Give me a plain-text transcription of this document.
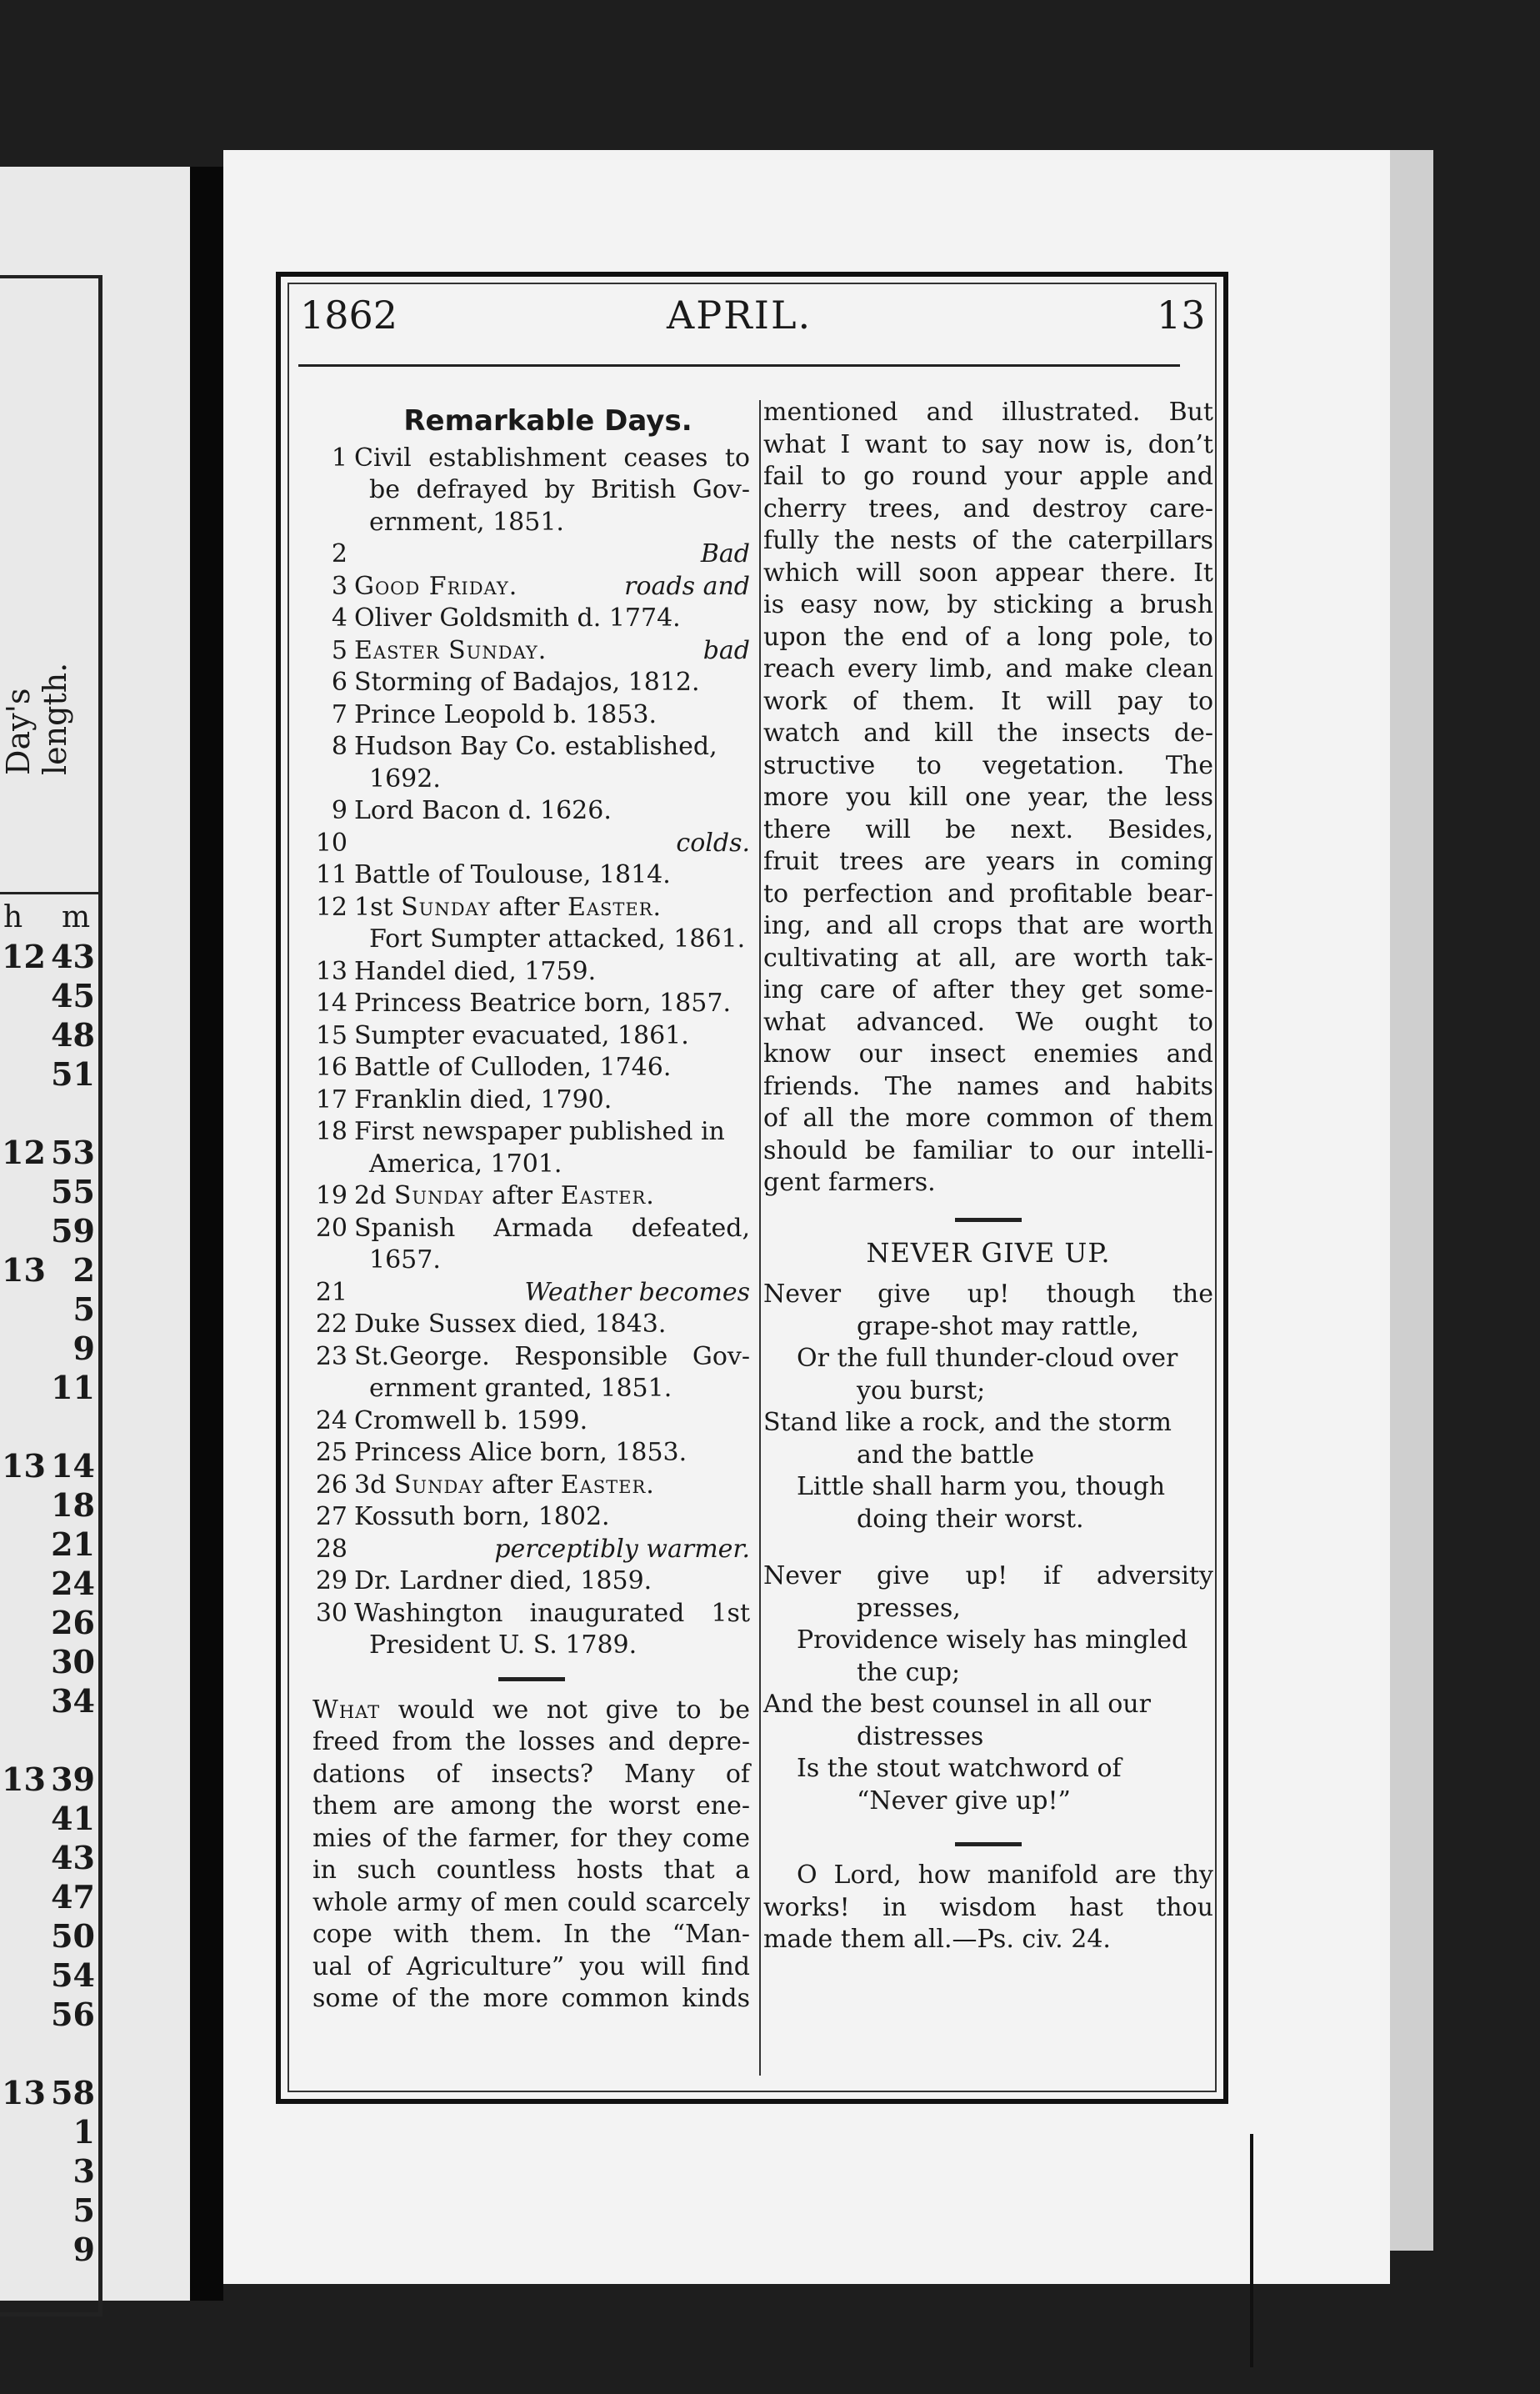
Day's
length.
h m
12 43
45
48
51
12 53
55
59
13 2
5
9
11
13 14
18
21
24
26
30
34
13 39
41
43
47
50
54
56
13 58
1
3
5
9
1862	APRIL.	13
Remarkable Days.
1 Civil establishment ceases to
be defrayed by British Gov-
ernment, 1851.
2
	Bad
3 Good Friday.	roads and
4 Oliver Goldsmith d. 1774.
5 Easter Sunday.	bad
6 Storming of Badajos, 1812.
7 Prince Leopold b. 1853.
8 Hudson Bay Co. established,
1692.
9 Lord Bacon d. 1626.
10
	colds.
11 Battle of Toulouse, 1814.
12 1st Sunday after Easter.
Fort Sumpter attacked, 1861.
13 Handel died, 1759.
14 Princess Beatrice born, 1857.
15 Sumpter evacuated, 1861.
16 Battle of Culloden, 1746.
17 Franklin died, 1790.
18 First newspaper published in
America, 1701.
19 2d Sunday after Easter.
20 Spanish Armada defeated,
1657.
21
	Weather becomes
22 Duke Sussex died, 1843.
23 St.George. Responsible Gov-
ernment granted, 1851.
24 Cromwell b. 1599.
25 Princess Alice born, 1853.
26 3d Sunday after Easter.
27 Kossuth born, 1802.
28
	perceptibly warmer.
29 Dr. Lardner died, 1859.
30 Washington inaugurated 1st
President U. S. 1789.
What would we not give to be
freed from the losses and depre-
dations of insects? Many of
them are among the worst ene-
mies of the farmer, for they come
in such countless hosts that a
whole army of men could scarcely
cope with them. In the “Man-
ual of Agriculture” you will find
some of the more common kinds
mentioned and illustrated. But
what I want to say now is, don’t
fail to go round your apple and
cherry trees, and destroy care-
fully the nests of the caterpillars
which will soon appear there. It
is easy now, by sticking a brush
upon the end of a long pole, to
reach every limb, and make clean
work of them. It will pay to
watch and kill the insects de-
structive to vegetation. The
more you kill one year, the less
there will be next. Besides,
fruit trees are years in coming
to perfection and profitable bear-
ing, and all crops that are worth
cultivating at all, are worth tak-
ing care of after they get some-
what advanced. We ought to
know our insect enemies and
friends. The names and habits
of all the more common of them
should be familiar to our intelli-
gent farmers.
NEVER GIVE UP.
Never give up! though the
grape-shot may rattle,
Or the full thunder-cloud over
you burst;
Stand like a rock, and the storm
and the battle
Little shall harm you, though
doing their worst.
Never give up! if adversity
presses,
Providence wisely has mingled
the cup;
And the best counsel in all our
distresses
Is the stout watchword of
“Never give up!”
O Lord, how manifold are thy
works! in wisdom hast thou
made them all.—Ps. civ. 24.
